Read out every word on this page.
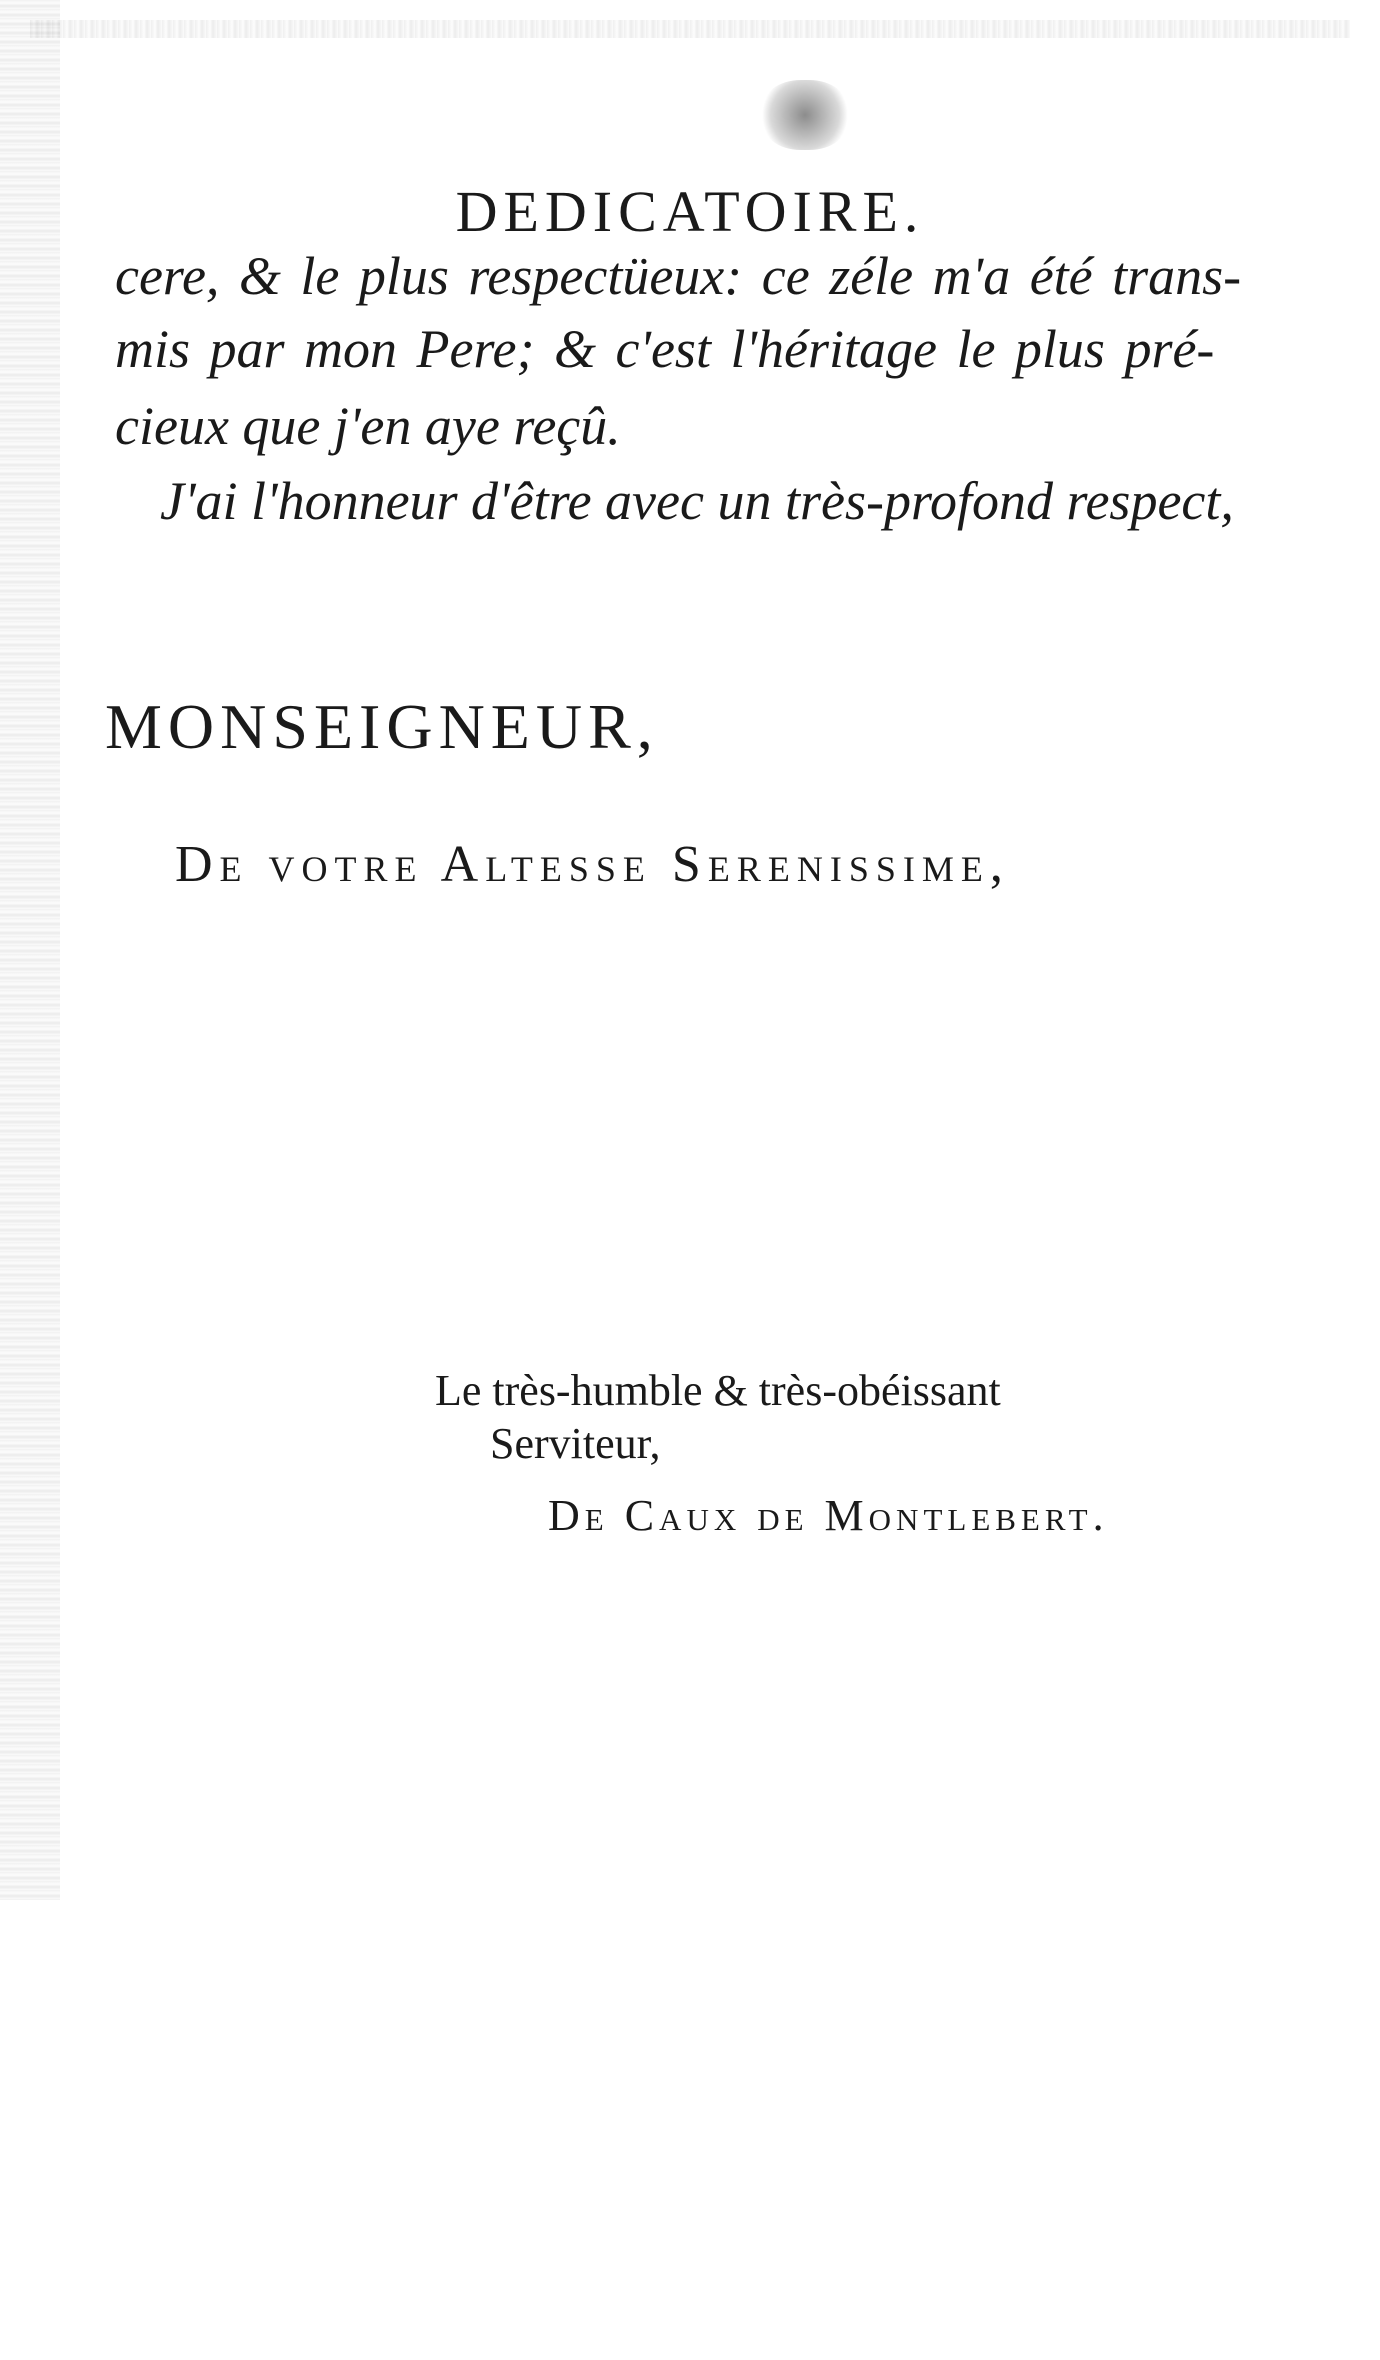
DEDICATOIRE.

cere, & le plus respectüeux: ce zéle m'a été trans-

mis par mon Pere; & c'est l'héritage le plus pré-

cieux que j'en aye reçû.

J'ai l'honneur d'être avec un très-profond respect,

MONSEIGNEUR,

De votre Altesse Serenissime,

Le très-humble & très-obéissant

Serviteur,

De Caux de Montlebert.
